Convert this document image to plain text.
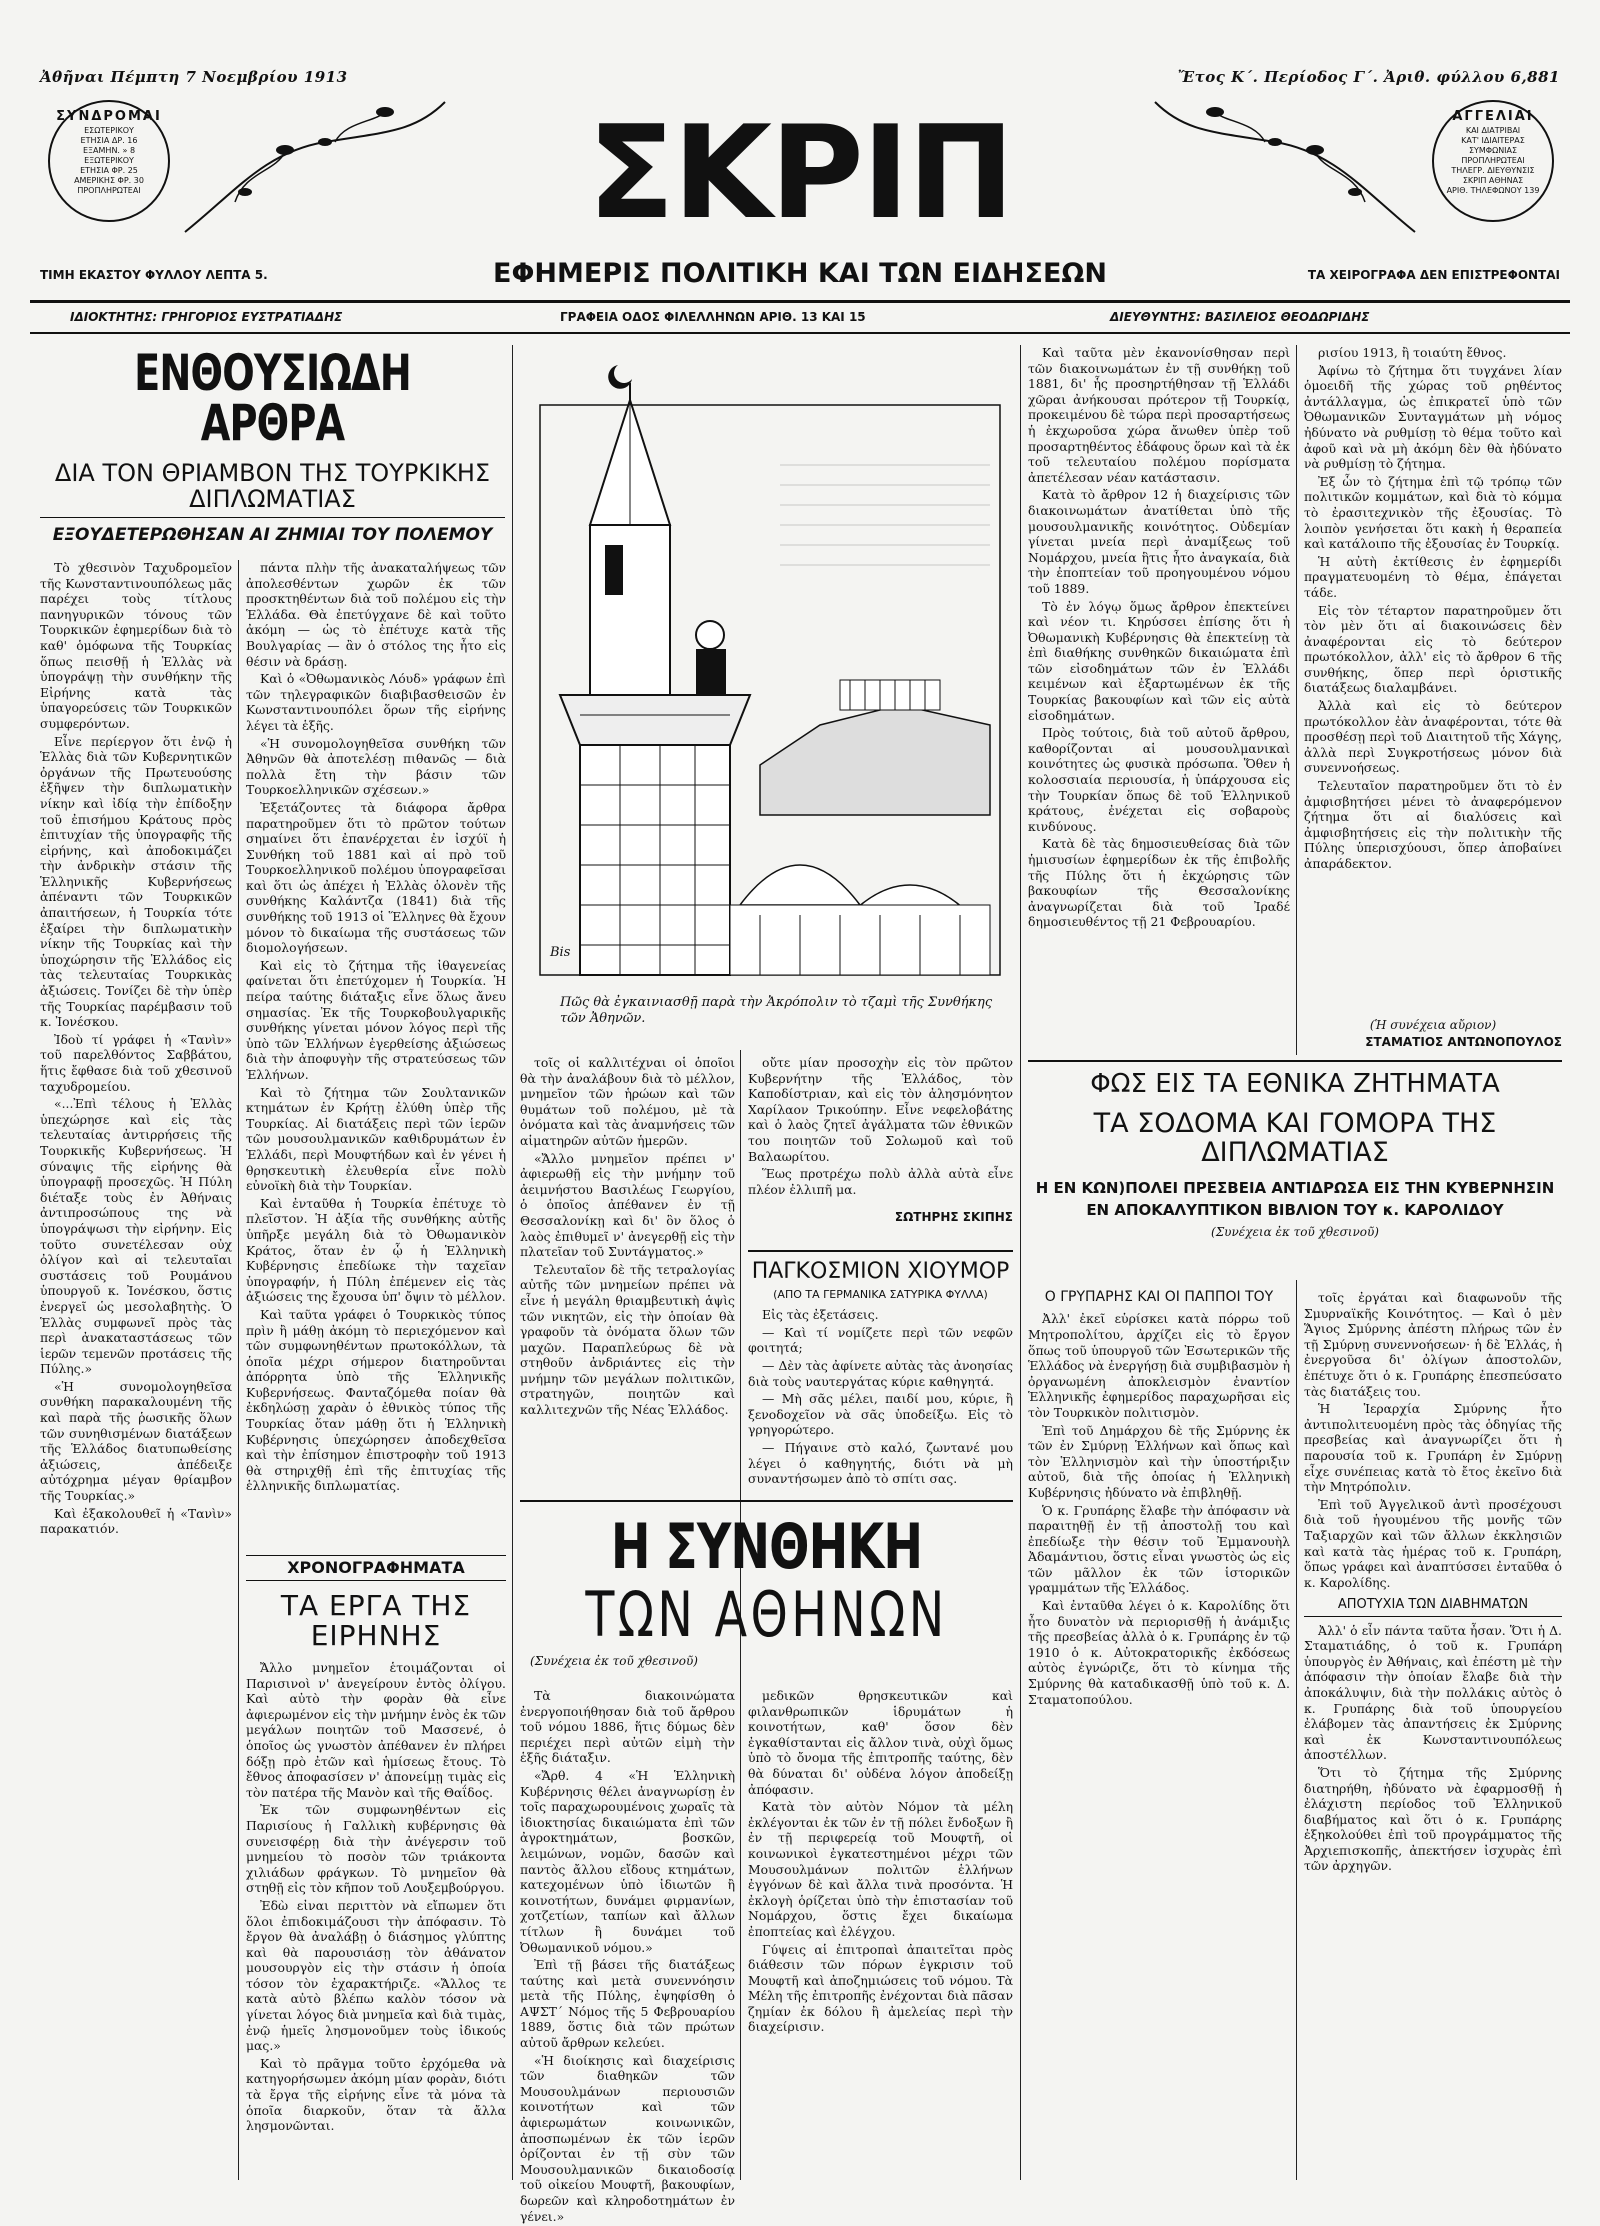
Ἀθῆναι Πέμπτη 7 Νοεμβρίου 1913	Ἔτος Κ΄. Περίοδος Γ΄. Ἀριθ. φύλλου 6,881
ΣΥΝΔΡΟΜΑΙ
ΕΣΩΤΕΡΙΚΟΥ
ΕΤΗΣΙΑ ΔΡ. 16
ΕΞΑΜΗΝ. » 8
ΕΞΩΤΕΡΙΚΟΥ
ΕΤΗΣΙΑ ΦΡ. 25
ΑΜΕΡΙΚΗΣ ΦΡ. 30
ΠΡΟΠΛΗΡΩΤΕΑΙ
ΑΓΓΕΛΙΑΙ
ΚΑΙ ΔΙΑΤΡΙΒΑΙ
ΚΑΤ' ΙΔΙΑΙΤΕΡΑΣ
ΣΥΜΦΩΝΙΑΣ
ΠΡΟΠΛΗΡΩΤΕΑΙ
ΤΗΛΕΓΡ. ΔΙΕΥΘΥΝΣΙΣ
ΣΚΡΙΠ ΑΘΗΝΑΣ
ΑΡΙΘ. ΤΗΛΕΦΩΝΟΥ 139
ΣΚΡΙΠ
ΕΦΗΜΕΡΙΣ ΠΟΛΙΤΙΚΗ ΚΑΙ ΤΩΝ ΕΙΔΗΣΕΩΝ
ΤΙΜΗ ΕΚΑΣΤΟΥ ΦΥΛΛΟΥ ΛΕΠΤΑ 5.	ΤΑ ΧΕΙΡΟΓΡΑΦΑ ΔΕΝ ΕΠΙΣΤΡΕΦΟΝΤΑΙ
ΙΔΙΟΚΤΗΤΗΣ: ΓΡΗΓΟΡΙΟΣ ΕΥΣΤΡΑΤΙΑΔΗΣ	ΓΡΑΦΕΙΑ ΟΔΟΣ ΦΙΛΕΛΛΗΝΩΝ ΑΡΙΘ. 13 ΚΑΙ 15	ΔΙΕΥΘΥΝΤΗΣ: ΒΑΣΙΛΕΙΟΣ ΘΕΟΔΩΡΙΔΗΣ
ΕΝΘΟΥΣΙΩΔΗ ΑΡΘΡΑ
ΔΙΑ ΤΟΝ ΘΡΙΑΜΒΟΝ ΤΗΣ ΤΟΥΡΚΙΚΗΣ ΔΙΠΛΩΜΑΤΙΑΣ
ΕΞΟΥΔΕΤΕΡΩΘΗΣΑΝ ΑΙ ΖΗΜΙΑΙ ΤΟΥ ΠΟΛΕΜΟΥ

Τὸ χθεσινὸν Ταχυδρομεῖον τῆς Κωνσταντινουπόλεως μᾶς παρέχει τοὺς τίτλους πανηγυρικῶν τόνους τῶν Τουρκικῶν ἐφημερίδων διὰ τὸ καθ' ὁμόφωνα τῆς Τουρκίας ὅπως πεισθῇ ἡ Ἑλλὰς νὰ ὑπογράψῃ τὴν συνθήκην τῆς Εἰρήνης κατὰ τὰς ὑπαγορεύσεις τῶν Τουρκικῶν συμφερόντων.

Εἶνε περίεργον ὅτι ἐνῷ ἡ Ἑλλὰς διὰ τῶν Κυβερνητικῶν ὀργάνων τῆς Πρωτευούσης ἐξῆψεν τὴν διπλωματικὴν νίκην καὶ ἰδίᾳ τὴν ἐπίδοξην τοῦ ἐπισήμου Κράτους πρὸς ἐπιτυχίαν τῆς ὑπογραφῆς τῆς εἰρήνης, καὶ ἀποδοκιμάζει τὴν ἀνδρικὴν στάσιν τῆς Ἑλληνικῆς Κυβερνήσεως ἀπέναντι τῶν Τουρκικῶν ἀπαιτήσεων, ἡ Τουρκία τότε ἐξαίρει τὴν διπλωματικὴν νίκην τῆς Τουρκίας καὶ τὴν ὑποχώρησιν τῆς Ἑλλάδος εἰς τὰς τελευταίας Τουρκικὰς ἀξιώσεις. Τονίζει δὲ τὴν ὑπὲρ τῆς Τουρκίας παρέμβασιν τοῦ κ. Ἰονέσκου.

Ἰδοὺ τί γράφει ἡ «Τανὶν» τοῦ παρελθόντος Σαββάτου, ἥτις ἔφθασε διὰ τοῦ χθεσινοῦ ταχυδρομείου.

«...Ἐπὶ τέλους ἡ Ἑλλὰς ὑπεχώρησε καὶ εἰς τὰς τελευταίας ἀντιρρήσεις τῆς Τουρκικῆς Κυβερνήσεως. Ἡ σύναψις τῆς εἰρήνης θὰ ὑπογραφῇ προσεχῶς. Ἡ Πύλη διέταξε τοὺς ἐν Ἀθήναις ἀντιπροσώπους της νὰ ὑπογράψωσι τὴν εἰρήνην. Εἰς τοῦτο συνετέλεσαν οὐχ ὀλίγον καὶ αἱ τελευταῖαι συστάσεις τοῦ Ρουμάνου ὑπουργοῦ κ. Ἰονέσκου, ὅστις ἐνεργεῖ ὡς μεσολαβητὴς. Ὁ Ἑλλὰς συμφωνεῖ πρὸς τὰς περὶ ἀνακαταστάσεως τῶν ἱερῶν τεμενῶν προτάσεις τῆς Πύλης.»

«Ἡ συνομολογηθεῖσα συνθήκη παρακαλουμένη τῆς καὶ παρὰ τῆς ῥωσικῆς ὅλων τῶν συνηθισμένων διατάξεων τῆς Ἑλλάδος διατυπωθείσης ἀξιώσεις, ἀπέδειξε αὐτόχρημα μέγαν θρίαμβον τῆς Τουρκίας.»

Καὶ ἐξακολουθεῖ ἡ «Τανὶν» παρακατιόν.

πάντα πλὴν τῆς ἀνακαταλήψεως τῶν ἀπολεσθέντων χωρῶν ἐκ τῶν προσκτηθέντων διὰ τοῦ πολέμου εἰς τὴν Ἑλλάδα. Θὰ ἐπετύγχανε δὲ καὶ τοῦτο ἀκόμη — ὡς τὸ ἐπέτυχε κατὰ τῆς Βουλγαρίας — ἂν ὁ στόλος της ἦτο εἰς θέσιν νὰ δράσῃ.

Καὶ ὁ «Ὀθωμανικὸς Λόυδ» γράφων ἐπὶ τῶν τηλεγραφικῶν διαβιβασθεισῶν ἐν Κωνσταντινουπόλει ὅρων τῆς εἰρήνης λέγει τὰ ἑξῆς.

«Ἡ συνομολογηθεῖσα συνθήκη τῶν Ἀθηνῶν θὰ ἀποτελέσῃ πιθανῶς — διὰ πολλὰ ἔτη τὴν βάσιν τῶν Τουρκοελληνικῶν σχέσεων.»

Ἐξετάζοντες τὰ διάφορα ἄρθρα παρατηροῦμεν ὅτι τὸ πρῶτον τούτων σημαίνει ὅτι ἐπανέρχεται ἐν ἰσχύϊ ἡ Συνθήκη τοῦ 1881 καὶ αἱ πρὸ τοῦ Τουρκοελληνικοῦ πολέμου ὑπογραφεῖσαι καὶ ὅτι ὡς ἀπέχει ἡ Ἑλλὰς ὁλονὲν τῆς συνθήκης Καλάντζα (1841) διὰ τῆς συνθήκης τοῦ 1913 οἱ Ἕλληνες θὰ ἔχουν μόνον τὸ δικαίωμα τῆς συστάσεως τῶν διομολογήσεων.

Καὶ εἰς τὸ ζήτημα τῆς ἰθαγενείας φαίνεται ὅτι ἐπετύχομεν ἡ Τουρκία. Ἡ πείρα ταύτης διάταξις εἶνε ὅλως ἄνευ σημασίας. Ἐκ τῆς Τουρκοβουλγαρικῆς συνθήκης γίνεται μόνον λόγος περὶ τῆς ὑπὸ τῶν Ἑλλήνων ἐγερθείσης ἀξιώσεως διὰ τὴν ἀποφυγὴν τῆς στρατεύσεως τῶν Ἑλλήνων.

Καὶ τὸ ζήτημα τῶν Σουλτανικῶν κτημάτων ἐν Κρήτῃ ἐλύθη ὑπὲρ τῆς Τουρκίας. Αἱ διατάξεις περὶ τῶν ἱερῶν τῶν μουσουλμανικῶν καθιδρυμάτων ἐν Ἑλλάδι, περὶ Μουφτήδων καὶ ἐν γένει ἡ θρησκευτικὴ ἐλευθερία εἶνε πολὺ εὐνοϊκὴ διὰ τὴν Τουρκίαν.

Καὶ ἐνταῦθα ἡ Τουρκία ἐπέτυχε τὸ πλεῖστον. Ἡ ἀξία τῆς συνθήκης αὐτῆς ὑπῆρξε μεγάλη διὰ τὸ Ὀθωμανικὸν Κράτος, ὅταν ἐν ᾧ ἡ Ἑλληνικὴ Κυβέρνησις ἐπεδίωκε τὴν ταχεῖαν ὑπογραφήν, ἡ Πύλη ἐπέμενεν εἰς τὰς ἀξιώσεις της ἔχουσα ὑπ' ὄψιν τὸ μέλλον.

Καὶ ταῦτα γράφει ὁ Τουρκικὸς τύπος πρὶν ἢ μάθῃ ἀκόμη τὸ περιεχόμενον καὶ τῶν συμφωνηθέντων πρωτοκόλλων, τὰ ὁποῖα μέχρι σήμερον διατηροῦνται ἀπόρρητα ὑπὸ τῆς Ἑλληνικῆς Κυβερνήσεως. Φανταζόμεθα ποίαν θὰ ἐκδηλώσῃ χαρὰν ὁ ἐθνικὸς τύπος τῆς Τουρκίας ὅταν μάθῃ ὅτι ἡ Ἑλληνικὴ Κυβέρνησις ὑπεχώρησεν ἀποδεχθεῖσα καὶ τὴν ἐπίσημον ἐπιστροφὴν τοῦ 1913 θὰ στηριχθῇ ἐπὶ τῆς ἐπιτυχίας τῆς ἑλληνικῆς διπλωματίας.

Bis
Πῶς θὰ ἐγκαινιασθῇ παρὰ τὴν Ἀκρόπολιν τὸ τζαμὶ τῆς Συνθήκης τῶν Ἀθηνῶν.
ΧΡΟΝΟΓΡΑΦΗΜΑΤΑ
ΤΑ ΕΡΓΑ ΤΗΣ ΕΙΡΗΝΗΣ

Ἄλλο μνημεῖον ἑτοιμάζονται οἱ Παρισινοὶ ν' ἀνεγείρουν ἐντὸς ὀλίγου. Καὶ αὐτὸ τὴν φορὰν θὰ εἶνε ἀφιερωμένον εἰς τὴν μνήμην ἑνὸς ἐκ τῶν μεγάλων ποιητῶν τοῦ Μασσενέ, ὁ ὁποῖος ὡς γνωστὸν ἀπέθανεν ἐν πλήρει δόξῃ πρὸ ἐτῶν καὶ ἡμίσεως ἔτους. Τὸ ἔθνος ἀποφασίσεν ν' ἀπονείμῃ τιμὰς εἰς τὸν πατέρα τῆς Μανὸν καὶ τῆς Θαΐδος.

Ἐκ τῶν συμφωνηθέντων εἰς Παρισίους ἡ Γαλλικὴ κυβέρνησις θὰ συνεισφέρῃ διὰ τὴν ἀνέγερσιν τοῦ μνημείου τὸ ποσὸν τῶν τριάκοντα χιλιάδων φράγκων. Τὸ μνημεῖον θὰ στηθῇ εἰς τὸν κῆπον τοῦ Λουξεμβούργου.

Ἐδὼ εἰναι περιττὸν νὰ εἴπωμεν ὅτι ὅλοι ἐπιδοκιμάζουσι τὴν ἀπόφασιν. Τὸ ἔργον θὰ ἀναλάβῃ ὁ διάσημος γλύπτης καὶ θὰ παρουσιάσῃ τὸν ἀθάνατον μουσουργὸν εἰς τὴν στάσιν ἡ ὁποία τόσον τὸν ἐχαρακτήριζε. «Ἄλλος τε κατὰ αὐτὸ βλέπω καλὸν τόσον νὰ γίνεται λόγος διὰ μνημεῖα καὶ διὰ τιμὰς, ἐνῷ ἡμεῖς λησμονοῦμεν τοὺς ἰδικούς μας.»

Καὶ τὸ πρᾶγμα τοῦτο ἐρχόμεθα νὰ κατηγορήσωμεν ἀκόμη μίαν φορὰν, διότι τὰ ἔργα τῆς εἰρήνης εἶνε τὰ μόνα τὰ ὁποῖα διαρκοῦν, ὅταν τὰ ἄλλα λησμονῶνται.

τοῖς οἱ καλλιτέχναι οἱ ὁποῖοι θὰ τὴν ἀναλάβουν διὰ τὸ μέλλον, μνημεῖον τῶν ἡρώων καὶ τῶν θυμάτων τοῦ πολέμου, μὲ τὰ ὀνόματα καὶ τὰς ἀναμνήσεις τῶν αἱματηρῶν αὐτῶν ἡμερῶν.

«Ἄλλο μνημεῖον πρέπει ν' ἀφιερωθῇ εἰς τὴν μνήμην τοῦ ἀειμνήστου Βασιλέως Γεωργίου, ὁ ὁποῖος ἀπέθανεν ἐν τῇ Θεσσαλονίκῃ καὶ δι' ὃν ὅλος ὁ λαὸς ἐπιθυμεῖ ν' ἀνεγερθῇ εἰς τὴν πλατεῖαν τοῦ Συντάγματος.»

Τελευταῖον δὲ τῆς τετραλογίας αὐτῆς τῶν μνημείων πρέπει νὰ εἶνε ἡ μεγάλη θριαμβευτικὴ ἁψὶς τῶν νικητῶν, εἰς τὴν ὁποίαν θὰ γραφοῦν τὰ ὀνόματα ὅλων τῶν μαχῶν. Παραπλεύρως δὲ νὰ στηθοῦν ἀνδριάντες εἰς τὴν μνήμην τῶν μεγάλων πολιτικῶν, στρατηγῶν, ποιητῶν καὶ καλλιτεχνῶν τῆς Νέας Ἑλλάδος.

οὔτε μίαν προσοχὴν εἰς τὸν πρῶτον Κυβερνήτην τῆς Ἑλλάδος, τὸν Καποδίστριαν, καὶ εἰς τὸν ἀλησμόνητον Χαρίλαον Τρικούπην. Εἶνε νεφελοβάτης καὶ ὁ λαὸς ζητεῖ ἀγάλματα τῶν ἐθνικῶν του ποιητῶν τοῦ Σολωμοῦ καὶ τοῦ Βαλαωρίτου.

Ἕως προτρέχω πολὺ ἀλλὰ αὐτὰ εἶνε πλέον ἐλλιπῆ μα.

ΣΩΤΗΡΗΣ ΣΚΙΠΗΣ
ΠΑΓΚΟΣΜΙΟΝ ΧΙΟΥΜΟΡ
(ΑΠΟ ΤΑ ΓΕΡΜΑΝΙΚΑ ΣΑΤΥΡΙΚΑ ΦΥΛΛΑ)

Εἰς τὰς ἐξετάσεις.

— Καὶ τί νομίζετε περὶ τῶν νεφῶν φοιτητά;

— Δὲν τὰς ἀφίνετε αὐτὰς τὰς ἀνοησίας διὰ τοὺς ναυτεργάτας κύριε καθηγητά.

— Μὴ σᾶς μέλει, παιδί μου, κύριε, ἢ ξενοδοχεῖον νὰ σᾶς ὑποδείξω. Εἰς τὸ γρηγορώτερο.

— Πήγαινε στὸ καλό, ζωντανέ μου λέγει ὁ καθηγητής, διότι νὰ μὴ συναντήσωμεν ἀπὸ τὸ σπίτι σας.

Η ΣΥΝΘΗΚΗ
ΤΩΝ ΑΘΗΝΩΝ
(Συνέχεια ἐκ τοῦ χθεσινοῦ)

Τὰ διακοινώματα ἐνεργοποιήθησαν διὰ τοῦ ἄρθρου τοῦ νόμου 1886, ἥτις δύμως δὲν περιέχει περὶ αὐτῶν εἰμὴ τὴν ἑξῆς διάταξιν.

«Ἄρθ. 4 «Ἡ Ἑλληνικὴ Κυβέρνησις θέλει ἀναγνωρίσῃ ἐν τοῖς παραχωρουμένοις χωραῖς τὰ ἰδιοκτησίας δικαιώματα ἐπὶ τῶν ἀγροκτημάτων, βοσκῶν, λειμώνων, νομῶν, δασῶν καὶ παντὸς ἄλλου εἴδους κτημάτων, κατεχομένων ὑπὸ ἰδιωτῶν ἢ κοινοτήτων, δυνάμει φιρμανίων, χοτζετίων, ταπίων καὶ ἄλλων τίτλων ἢ δυνάμει τοῦ Ὀθωμανικοῦ νόμου.»

Ἐπὶ τῇ βάσει τῆς διατάξεως ταύτης καὶ μετὰ συνεννόησιν μετὰ τῆς Πύλης, ἐψηφίσθη ὁ ΑΨΣΤ΄ Νόμος τῆς 5 Φεβρουαρίου 1889, ὅστις διὰ τῶν πρώτων αὐτοῦ ἄρθρων κελεύει.

«Ἡ διοίκησις καὶ διαχείρισις τῶν διαθηκῶν τῶν Μουσουλμάνων περιουσιῶν κοινοτήτων καὶ τῶν ἀφιερωμάτων κοινωνικῶν, ἀποσπωμένων ἐκ τῶν ἱερῶν ὀρίζονται ἐν τῇ σὺν τῶν Μουσουλμανικῶν δικαιοδοσίᾳ τοῦ οἰκείου Μουφτῆ, βακουφίων, δωρεῶν καὶ κληροδοτημάτων ἐν γένει.»

μεδικῶν θρησκευτικῶν καὶ φιλανθρωπικῶν ἱδρυμάτων ἡ κοινοτήτων, καθ' ὅσον δὲν ἐγκαθίστανται εἰς ἄλλον τινὰ, οὐχὶ ὅμως ὑπὸ τὸ ὄνομα τῆς ἐπιτροπῆς ταύτης, δὲν θὰ δύναται δι' οὐδένα λόγον ἀποδείξῃ ἀπόφασιν.

Κατὰ τὸν αὐτὸν Νόμον τὰ μέλη ἐκλέγονται ἐκ τῶν ἐν τῇ πόλει ἔνδοξων ἢ ἐν τῇ περιφερείᾳ τοῦ Μουφτῆ, οἱ κοινωνικοὶ ἐγκατεστημένοι μέχρι τῶν Μουσουλμάνων πολιτῶν ἑλλήνων ἐγγόνων δὲ καὶ ἄλλα τινὰ προσόντα. Ἡ ἐκλογὴ ὁρίζεται ὑπὸ τὴν ἐπιστασίαν τοῦ Νομάρχου, ὅστις ἔχει δικαίωμα ἐποπτείας καὶ ἐλέγχου.

Γύψεις αἱ ἐπιτροπαὶ ἀπαιτεῖται πρὸς διάθεσιν τῶν πόρων ἐγκρισιν τοῦ Μουφτῆ καὶ ἀποζημιώσεις τοῦ νόμου. Τὰ Μέλη τῆς ἐπιτροπῆς ἐνέχονται διὰ πᾶσαν ζημίαν ἐκ δόλου ἢ ἀμελείας περὶ τὴν διαχείρισιν.

Καὶ ταῦτα μὲν ἐκανονίσθησαν περὶ τῶν διακοινωμάτων ἐν τῇ συνθήκῃ τοῦ 1881, δι' ἧς προσηρτήθησαν τῇ Ἑλλάδι χῶραι ἀνήκουσαι πρότερον τῇ Τουρκίᾳ, προκειμένου δὲ τώρα περὶ προσαρτήσεως ἡ ἐκχωροῦσα χώρα ἄνωθεν ὑπὲρ τοῦ προσαρτηθέντος ἐδάφους ὅρων καὶ τὰ ἐκ τοῦ τελευταίου πολέμου πορίσματα ἀπετέλεσαν νέαν κατάστασιν.

Κατὰ τὸ ἄρθρον 12 ἡ διαχείρισις τῶν διακοινωμάτων ἀνατίθεται ὑπὸ τῆς μουσουλμανικῆς κοινότητος. Οὐδεμίαν γίνεται μνεία περὶ ἀναμίξεως τοῦ Νομάρχου, μνεία ἣτις ἦτο ἀναγκαία, διὰ τὴν ἐποπτείαν τοῦ προηγουμένου νόμου τοῦ 1889.

Τὸ ἐν λόγῳ ὅμως ἄρθρον ἐπεκτείνει καὶ νέον τι. Κηρύσσει ἐπίσης ὅτι ἡ Ὀθωμανικὴ Κυβέρνησις θὰ ἐπεκτείνῃ τὰ ἐπὶ διαθήκης συνθηκῶν δικαιώματα ἐπὶ τῶν εἰσοδημάτων τῶν ἐν Ἑλλάδι κειμένων καὶ ἐξαρτωμένων ἐκ τῆς Τουρκίας βακουφίων καὶ τῶν εἰς αὐτὰ εἰσοδημάτων.

Πρὸς τούτοις, διὰ τοῦ αὐτοῦ ἄρθρου, καθορίζονται αἱ μουσουλμανικαὶ κοινότητες ὡς φυσικὰ πρόσωπα. Ὅθεν ἡ κολοσσιαία περιουσία, ἡ ὑπάρχουσα εἰς τὴν Τουρκίαν ὅπως δὲ τοῦ Ἑλληνικοῦ κράτους, ἐνέχεται εἰς σοβαροὺς κινδύνους.

Κατὰ δὲ τὰς δημοσιευθείσας διὰ τῶν ἡμισυσίων ἐφημερίδων ἐκ τῆς ἐπιβολῆς τῆς Πύλης ὅτι ἡ ἐκχώρησις τῶν βακουφίων τῆς Θεσσαλονίκης ἀναγνωρίζεται διὰ τοῦ Ἰραδέ δημοσιευθέντος τῇ 21 Φεβρουαρίου.

ρισίου 1913, ἢ τοιαύτη ἔθνος.

Ἀφίνω τὸ ζήτημα ὅτι τυγχάνει λίαν ὁμοειδῆ τῆς χώρας τοῦ ρηθέντος ἀντάλλαγμα, ὡς ἐπικρατεῖ ὑπὸ τῶν Ὀθωμανικῶν Συνταγμάτων μὴ νόμος ἠδύνατο νὰ ρυθμίσῃ τὸ θέμα τοῦτο καὶ ἀφοῦ καὶ νὰ μὴ ἀκόμη δὲν θὰ ἠδύνατο νὰ ρυθμίσῃ τὸ ζήτημα.

Ἐξ ὧν τὸ ζήτημα ἐπὶ τῷ τρόπῳ τῶν πολιτικῶν κομμάτων, καὶ διὰ τὸ κόμμα τὸ ἐρασιτεχνικὸν τῆς ἐξουσίας. Τὸ λοιπὸν γενήσεται ὅτι κακὴ ἡ θεραπεία καὶ κατάλοιπο τῆς ἐξουσίας ἐν Τουρκίᾳ.

Ἡ αὐτὴ ἐκτίθεσις ἐν ἐφημερίδι πραγματευομένη τὸ θέμα, ἐπάγεται τάδε.

Εἰς τὸν τέταρτον παρατηροῦμεν ὅτι τὸν μὲν ὅτι αἱ διακοινώσεις δὲν ἀναφέρονται εἰς τὸ δεύτερον πρωτόκολλον, ἀλλ' εἰς τὸ ἄρθρον 6 τῆς συνθήκης, ὅπερ περὶ ὁριστικῆς διατάξεως διαλαμβάνει.

Ἀλλὰ καὶ εἰς τὸ δεύτερον πρωτόκολλον ἐὰν ἀναφέρονται, τότε θὰ προσθέσῃ περὶ τοῦ Διαιτητοῦ τῆς Χάγης, ἀλλὰ περὶ Συγκροτήσεως μόνον διὰ συνεννοήσεως.

Τελευταῖον παρατηροῦμεν ὅτι τὸ ἐν ἀμφισβητήσει μένει τὸ ἀναφερόμενον ζήτημα ὅτι αἱ διαλύσεις καὶ ἀμφισβητήσεις εἰς τὴν πολιτικὴν τῆς Πύλης ὑπερισχύουσι, ὅπερ ἀποβαίνει ἀπαράδεκτον.

(Ἡ συνέχεια αὔριον)
ΣΤΑΜΑΤΙΟΣ ΑΝΤΩΝΟΠΟΥΛΟΣ
ΦΩΣ ΕΙΣ ΤΑ ΕΘΝΙΚΑ ΖΗΤΗΜΑΤΑ
ΤΑ ΣΟΔΟΜΑ ΚΑΙ ΓΟΜΟΡΑ ΤΗΣ ΔΙΠΛΩΜΑΤΙΑΣ
Η ΕΝ ΚΩΝ)ΠΟΛΕΙ ΠΡΕΣΒΕΙΑ ΑΝΤΙΔΡΩΣΑ ΕΙΣ ΤΗΝ ΚΥΒΕΡΝΗΣΙΝ
ΕΝ ΑΠΟΚΑΛΥΠΤΙΚΟΝ ΒΙΒΛΙΟΝ ΤΟΥ κ. ΚΑΡΟΛΙΔΟΥ
(Συνέχεια ἐκ τοῦ χθεσινοῦ)
Ο ΓΡΥΠΑΡΗΣ ΚΑΙ ΟΙ ΠΑΠΠΟΙ ΤΟΥ

Ἀλλ' ἐκεῖ εὑρίσκει κατὰ πόρρω τοῦ Μητροπολίτου, ἀρχίζει εἰς τὸ ἔργον ὅπως τοῦ ὑπουργοῦ τῶν Ἐσωτερικῶν τῆς Ἑλλάδος νὰ ἐνεργήσῃ διὰ συμβιβασμὸν ἡ ὀργανωμένη ἀποκλεισμὸν ἐναντίον Ἑλληνικῆς ἐφημερίδος παραχωρῆσαι εἰς τὸν Τουρκικὸν πολιτισμὸν.

Ἐπὶ τοῦ Δημάρχου δὲ τῆς Σμύρνης ἐκ τῶν ἐν Σμύρνῃ Ἑλλήνων καὶ ὅπως καὶ τὸν Ἑλληνισμὸν καὶ τὴν ὑποστήριξιν αὐτοῦ, διὰ τῆς ὁποίας ἡ Ἑλληνικὴ Κυβέρνησις ἠδύνατο νὰ ἐπιβληθῇ.

Ὁ κ. Γρυπάρης ἔλαβε τὴν ἀπόφασιν νὰ παραιτηθῇ ἐν τῇ ἀποστολῇ του καὶ ἐπεδίωξε τὴν θέσιν τοῦ Ἐμμανουὴλ Ἀδαμάντιου, ὅστις εἶναι γνωστὸς ὡς εἰς τῶν μᾶλλον ἐκ τῶν ἱστορικῶν γραμμάτων τῆς Ἑλλάδος.

Καὶ ἐνταῦθα λέγει ὁ κ. Καρολίδης ὅτι ἦτο δυνατὸν νὰ περιορισθῇ ἡ ἀνάμιξις τῆς πρεσβείας ἀλλὰ ὁ κ. Γρυπάρης ἐν τῷ 1910 ὁ κ. Αὐτοκρατορικῆς ἐκδόσεως αὐτὸς ἐγνώριζε, ὅτι τὸ κίνημα τῆς Σμύρνης θὰ καταδικασθῇ ὑπὸ τοῦ κ. Δ. Σταματοπούλου.

τοῖς ἐργάται καὶ διαφωνοῦν τῆς Σμυρναϊκῆς Κοινότητος. — Καὶ ὁ μὲν Ἅγιος Σμύρνης ἀπέστη πλήρως τῶν ἐν τῇ Σμύρνῃ συνεννοήσεων· ἡ δὲ Ἑλλάς, ἡ ἐνεργοῦσα δι' ὀλίγων ἀποστολῶν, ἐπέτυχε ὅτι ὁ κ. Γρυπάρης ἐπεσπεύσατο τὰς διατάξεις του.

Ἡ Ἱεραρχία Σμύρνης ἦτο ἀντιπολιτευομένη πρὸς τὰς ὁδηγίας τῆς πρεσβείας καὶ ἀναγνωρίζει ὅτι ἡ παρουσία τοῦ κ. Γρυπάρη ἐν Σμύρνῃ εἶχε συνέπειας κατὰ τὸ ἔτος ἐκεῖνο διὰ τὴν Μητρόπολιν.

Ἐπὶ τοῦ Ἀγγελικοῦ ἀντὶ προσέχουσι διὰ τοῦ ἡγουμένου τῆς μονῆς τῶν Ταξιαρχῶν καὶ τῶν ἄλλων ἐκκλησιῶν καὶ κατὰ τὰς ἡμέρας τοῦ κ. Γρυπάρη, ὅπως γράφει καὶ ἀναπτύσσει ἐνταῦθα ὁ κ. Καρολίδης.

ΑΠΟΤΥΧΙΑ ΤΩΝ ΔΙΑΒΗΜΑΤΩΝ

Ἀλλ' ὁ εἶν πάντα ταῦτα ἦσαν. Ὅτι ἡ Δ. Σταματιάδης, ὁ τοῦ κ. Γρυπάρη ὑπουργὸς ἐν Ἀθήναις, καὶ ἐπέστη μὲ τὴν ἀπόφασιν τὴν ὁποίαν ἔλαβε διὰ τὴν ἀποκάλυψιν, διὰ τὴν πολλάκις αὐτὸς ὁ κ. Γρυπάρης διὰ τοῦ ὑπουργείου ἐλάβομεν τὰς ἀπαντήσεις ἐκ Σμύρνης καὶ ἐκ Κωνσταντινουπόλεως ἀποστέλλων.

Ὅτι τὸ ζήτημα τῆς Σμύρνης διατηρήθη, ἠδύνατο νὰ ἐφαρμοσθῇ ἡ ἐλάχιστη περίοδος τοῦ Ἑλληνικοῦ διαβήματος καὶ ὅτι ὁ κ. Γρυπάρης ἐξηκολούθει ἐπὶ τοῦ προγράμματος τῆς Ἀρχιεπισκοπῆς, ἀπεκτήσεν ἰσχυρὰς ἐπὶ τῶν ἀρχηγῶν.
